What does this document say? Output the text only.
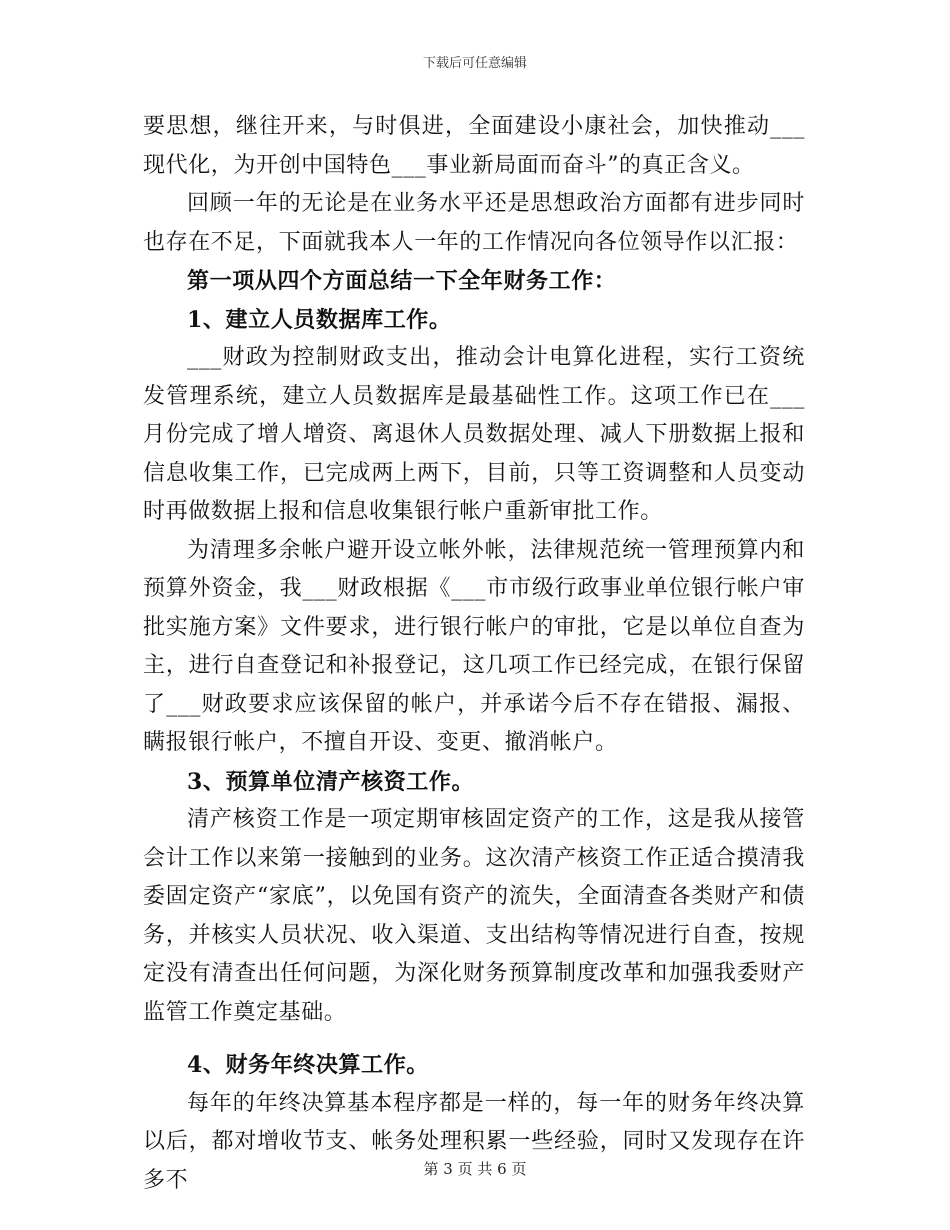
下载后可任意编辑

要思想，继往开来，与时俱进，全面建设小康社会，加快推动___现代化，为开创中国特色___事业新局面而奋斗”的真正含义。

回顾一年的无论是在业务水平还是思想政治方面都有进步同时也存在不足，下面就我本人一年的工作情况向各位领导作以汇报：

第一项从四个方面总结一下全年财务工作：

1、建立人员数据库工作。

___财政为控制财政支出，推动会计电算化进程，实行工资统发管理系统，建立人员数据库是最基础性工作。这项工作已在___月份完成了增人增资、离退休人员数据处理、减人下册数据上报和信息收集工作，已完成两上两下，目前，只等工资调整和人员变动时再做数据上报和信息收集银行帐户重新审批工作。

为清理多余帐户避开设立帐外帐，法律规范统一管理预算内和预算外资金，我___财政根据《___市市级行政事业单位银行帐户审批实施方案》文件要求，进行银行帐户的审批，它是以单位自查为主，进行自查登记和补报登记，这几项工作已经完成，在银行保留了___财政要求应该保留的帐户，并承诺今后不存在错报、漏报、瞒报银行帐户，不擅自开设、变更、撤消帐户。

3、预算单位清产核资工作。

清产核资工作是一项定期审核固定资产的工作，这是我从接管会计工作以来第一接触到的业务。这次清产核资工作正适合摸清我委固定资产“家底”，以免国有资产的流失，全面清查各类财产和债务，并核实人员状况、收入渠道、支出结构等情况进行自查，按规定没有清查出任何问题，为深化财务预算制度改革和加强我委财产监管工作奠定基础。

4、财务年终决算工作。

每年的年终决算基本程序都是一样的，每一年的财务年终决算以后，都对增收节支、帐务处理积累一些经验，同时又发现存在许多不	第 3 页 共 6 页
